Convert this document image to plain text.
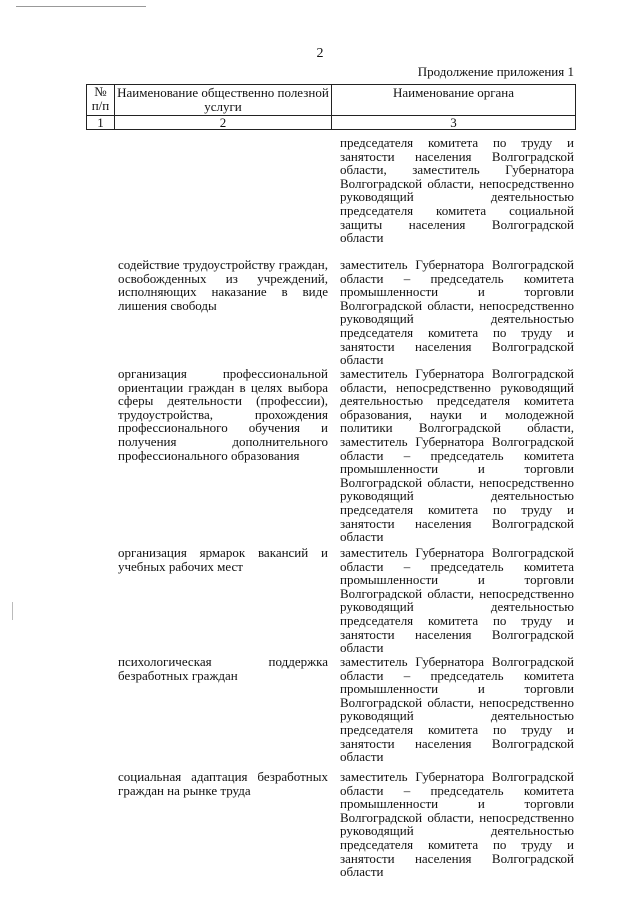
2
Продолжение приложения 1
№
п/п
Наименование общественно полезной услуги
Наименование органа
1	2	3
председателя комитета по труду и занятости населения Волгоградской области, заместитель Губернатора Волгоградской области, непосредственно руководящий деятельностью председателя комитета социальной защиты населения Волгоградской области
содействие трудоустройству граждан, освобожденных из учреждений, исполняющих наказание в виде лишения свободы
заместитель Губернатора Волгоградской области – председатель комитета промышленности и торговли Волгоградской области, непосредственно руководящий деятельностью председателя комитета по труду и занятости населения Волгоградской области
организация профессиональной ориентации граждан в целях выбора сферы деятельности (профессии), трудоустройства, прохождения профессионального обучения и получения дополнительного профессионального образования
заместитель Губернатора Волгоградской области, непосредственно руководящий деятельностью председателя комитета образования, науки и молодежной политики Волгоградской области, заместитель Губернатора Волгоградской области – председатель комитета промышленности и торговли Волгоградской области, непосредственно руководящий деятельностью председателя комитета по труду и занятости населения Волгоградской области
организация ярмарок вакансий и учебных рабочих мест
заместитель Губернатора Волгоградской области – председатель комитета промышленности и торговли Волгоградской области, непосредственно руководящий деятельностью председателя комитета по труду и занятости населения Волгоградской области
психологическая поддержка безработных граждан
заместитель Губернатора Волгоградской области – председатель комитета промышленности и торговли Волгоградской области, непосредственно руководящий деятельностью председателя комитета по труду и занятости населения Волгоградской области
социальная адаптация безработных граждан на рынке труда
заместитель Губернатора Волгоградской области – председатель комитета промышленности и торговли Волгоградской области, непосредственно руководящий деятельностью председателя комитета по труду и занятости населения Волгоградской области
